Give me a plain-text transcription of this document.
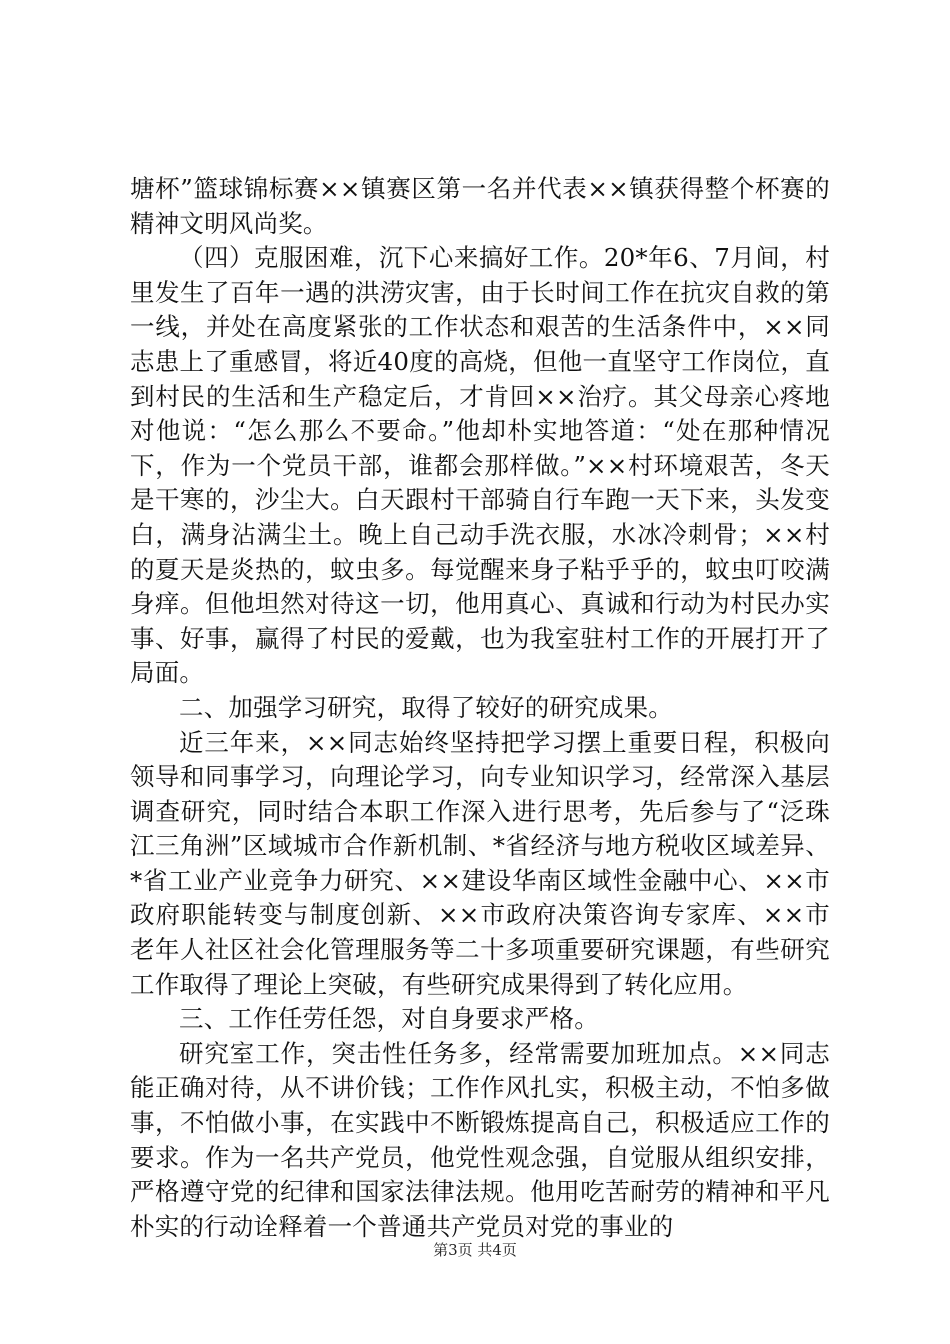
塘杯”篮球锦标赛××镇赛区第一名并代表××镇获得整个杯赛的精神文明风尚奖。

（四）克服困难，沉下心来搞好工作。20*年6、7月间，村里发生了百年一遇的洪涝灾害，由于长时间工作在抗灾自救的第一线，并处在高度紧张的工作状态和艰苦的生活条件中，××同志患上了重感冒，将近40度的高烧，但他一直坚守工作岗位，直到村民的生活和生产稳定后，才肯回××治疗。其父母亲心疼地对他说：“怎么那么不要命。”他却朴实地答道：“处在那种情况下，作为一个党员干部，谁都会那样做。”××村环境艰苦，冬天是干寒的，沙尘大。白天跟村干部骑自行车跑一天下来，头发变白，满身沾满尘土。晚上自己动手洗衣服，水冰冷刺骨；××村的夏天是炎热的，蚊虫多。每觉醒来身子粘乎乎的，蚊虫叮咬满身痒。但他坦然对待这一切，他用真心、真诚和行动为村民办实事、好事，赢得了村民的爱戴，也为我室驻村工作的开展打开了局面。

二、加强学习研究，取得了较好的研究成果。

近三年来，××同志始终坚持把学习摆上重要日程，积极向领导和同事学习，向理论学习，向专业知识学习，经常深入基层调查研究，同时结合本职工作深入进行思考，先后参与了“泛珠江三角洲”区域城市合作新机制、*省经济与地方税收区域差异、*省工业产业竞争力研究、××建设华南区域性金融中心、××市政府职能转变与制度创新、××市政府决策咨询专家库、××市老年人社区社会化管理服务等二十多项重要研究课题，有些研究工作取得了理论上突破，有些研究成果得到了转化应用。

三、工作任劳任怨，对自身要求严格。

研究室工作，突击性任务多，经常需要加班加点。××同志能正确对待，从不讲价钱；工作作风扎实，积极主动，不怕多做事，不怕做小事，在实践中不断锻炼提高自己，积极适应工作的要求。作为一名共产党员，他党性观念强，自觉服从组织安排，严格遵守党的纪律和国家法律法规。他用吃苦耐劳的精神和平凡朴实的行动诠释着一个普通共产党员对党的事业的

第3页 共4页
